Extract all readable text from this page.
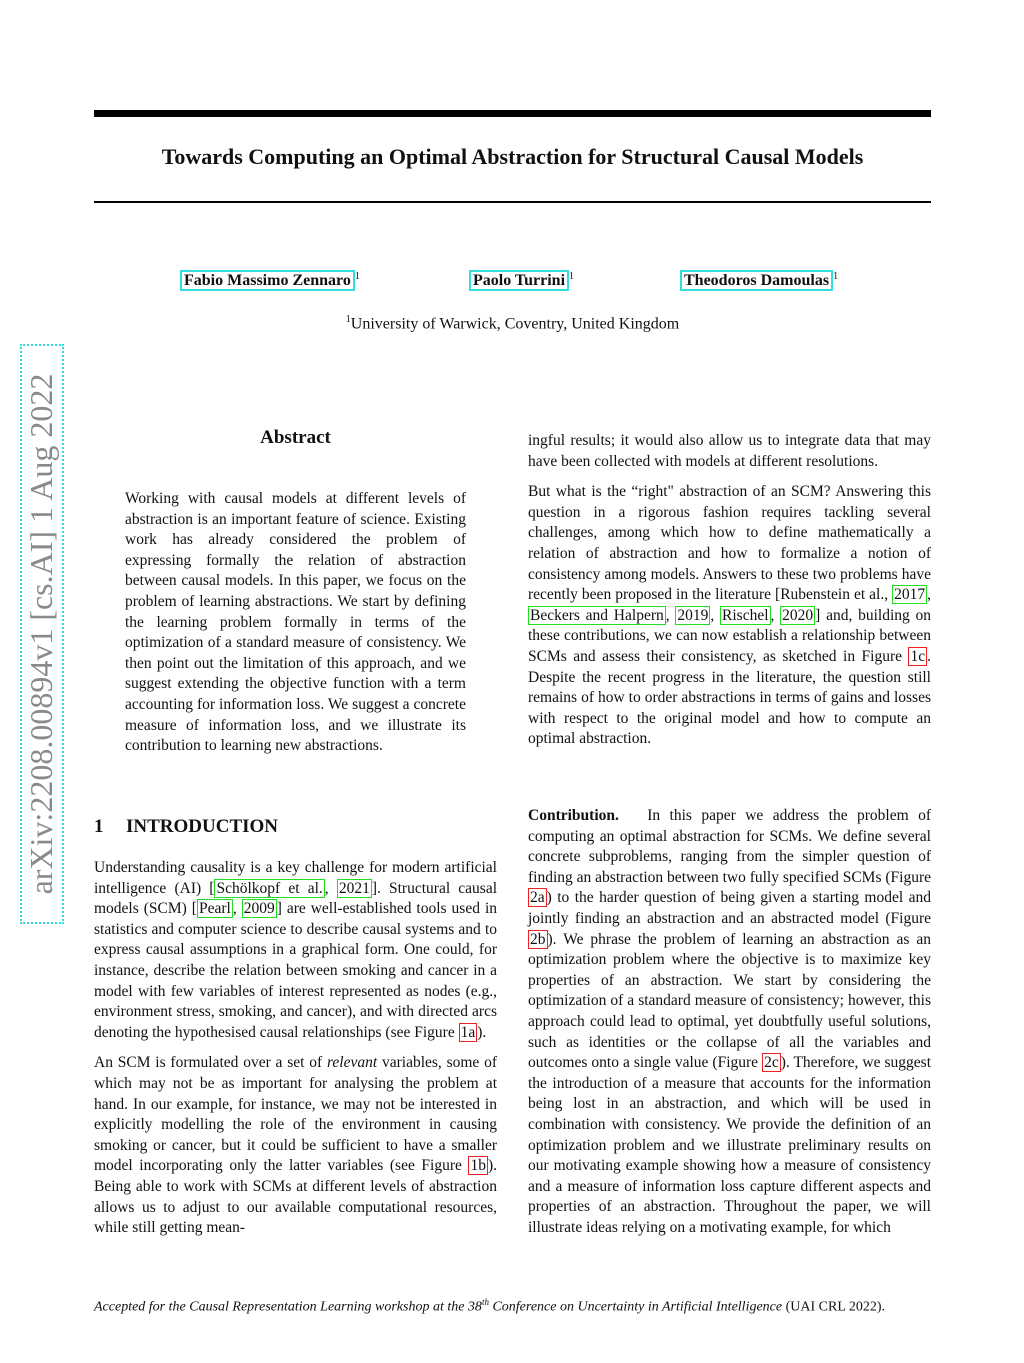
Towards Computing an Optimal Abstraction for Structural Causal Models
Fabio Massimo Zennaro $^1$	Paolo Turrini $^1$	Theodoros Damoulas $^1$
$^1$University of Warwick, Coventry, United Kingdom
arXiv:2208.00894v1 [cs.AI] 1 Aug 2022	Abstract
Working with causal models at different levels of abstraction is an important feature of science. Existing work has already considered the problem of expressing formally the relation of abstraction between causal models. In this paper, we focus on the problem of learning abstractions. We start by defining the learning problem formally in terms of the optimization of a standard measure of consistency. We then point out the limitation of this approach, and we suggest extending the objective function with a term accounting for information loss. We suggest a concrete measure of information loss, and we illustrate its contribution to learning new abstractions.
1 INTRODUCTION

Understanding causality is a key challenge for modern artificial intelligence (AI) [ Schölkopf et al. , 2021 ]. Structural causal models (SCM) [ Pearl , 2009 ] are well-established tools used in statistics and computer science to describe causal systems and to express causal assumptions in a graphical form. One could, for instance, describe the relation between smoking and cancer in a model with few variables of interest represented as nodes (e.g., environment stress, smoking, and cancer), and with directed arcs denoting the hypothesised causal relationships (see Figure 1a ).

An SCM is formulated over a set of relevant variables, some of which may not be as important for analysing the problem at hand. In our example, for instance, we may not be interested in explicitly modelling the role of the environment in causing smoking or cancer, but it could be sufficient to have a smaller model incorporating only the latter variables (see Figure 1b ). Being able to work with SCMs at different levels of abstraction allows us to adjust to our available computational resources, while still getting mean-

ingful results; it would also allow us to integrate data that may have been collected with models at different resolutions.

But what is the “right" abstraction of an SCM? Answering this question in a rigorous fashion requires tackling several challenges, among which how to define mathematically a relation of abstraction and how to formalize a notion of consistency among models. Answers to these two problems have recently been proposed in the literature [Rubenstein et al., 2017 , Beckers and Halpern , 2019 , Rischel , 2020 ] and, building on these contributions, we can now establish a relationship between SCMs and assess their consistency, as sketched in Figure 1c . Despite the recent progress in the literature, the question still remains of how to order abstractions in terms of gains and losses with respect to the original model and how to compute an optimal abstraction.

Contribution. In this paper we address the problem of computing an optimal abstraction for SCMs. We define several concrete subproblems, ranging from the simpler question of finding an abstraction between two fully specified SCMs (Figure 2a ) to the harder question of being given a starting model and jointly finding an abstraction and an abstracted model (Figure 2b ). We phrase the problem of learning an abstraction as an optimization problem where the objective is to maximize key properties of an abstraction. We start by considering the optimization of a standard measure of consistency; however, this approach could lead to optimal, yet doubtfully useful solutions, such as identities or the collapse of all the variables and outcomes onto a single value (Figure 2c ). Therefore, we suggest the introduction of a measure that accounts for the information being lost in an abstraction, and which will be used in combination with consistency. We provide the definition of an optimization problem and we illustrate preliminary results on our motivating example showing how a measure of consistency and a measure of information loss capture different aspects and properties of an abstraction. Throughout the paper, we will illustrate ideas relying on a motivating example, for which

Accepted for the Causal Representation Learning workshop at the 38th Conference on Uncertainty in Artificial Intelligence (UAI CRL 2022).
